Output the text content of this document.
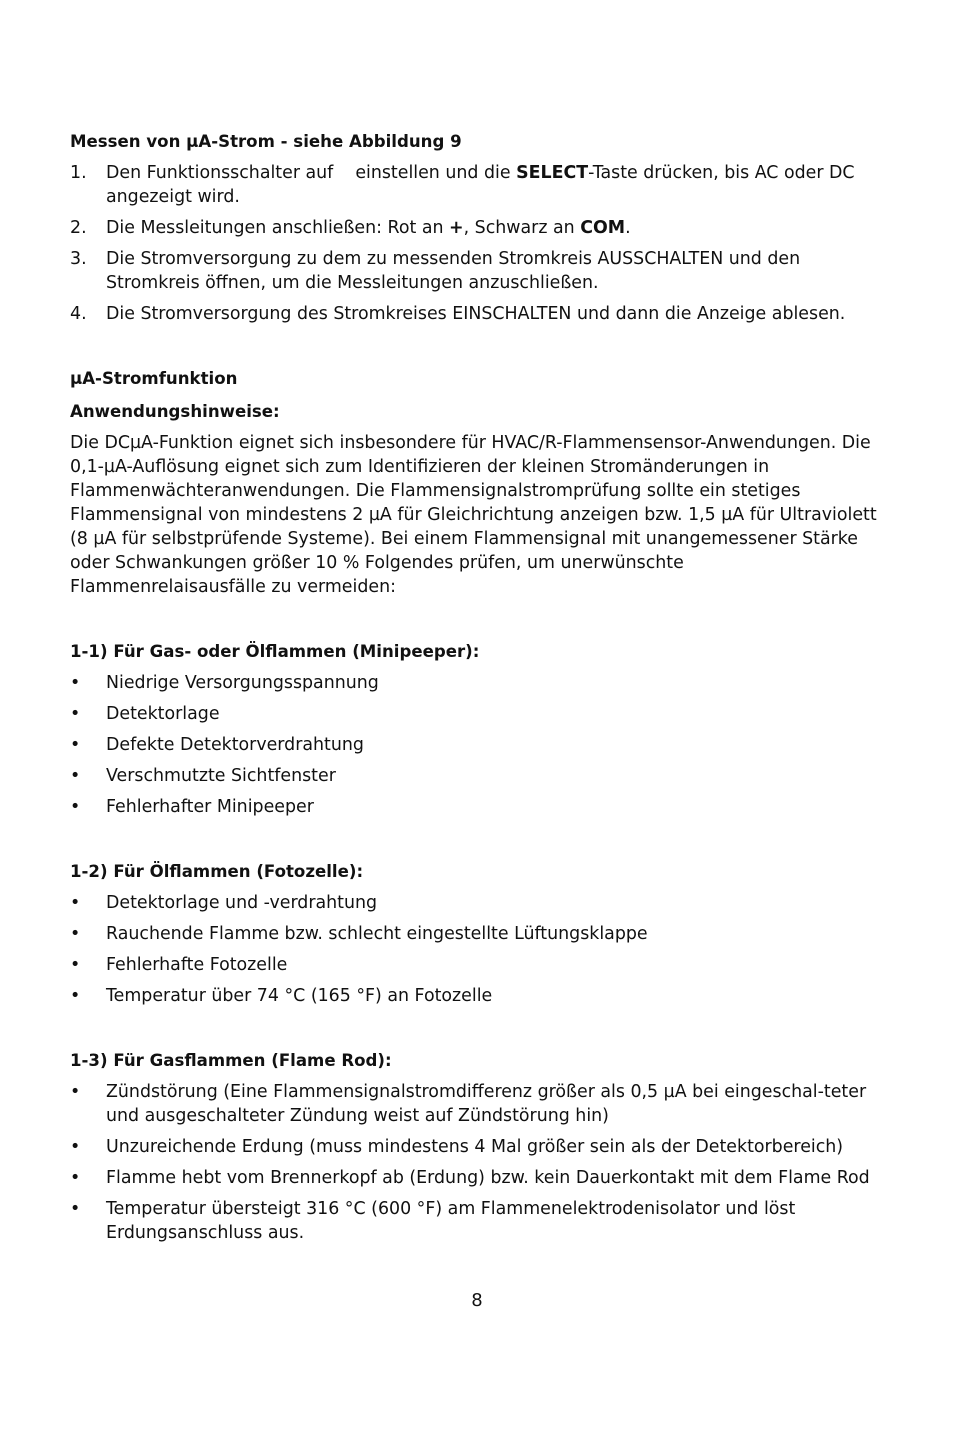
Messen von µA-Strom - siehe Abbildung 9

1. Den Funktionsschalter auf einstellen und die SELECT-Taste drücken, bis AC oder DC angezeigt wird.
2. Die Messleitungen anschließen: Rot an +, Schwarz an COM.
3. Die Stromversorgung zu dem zu messenden Stromkreis AUSSCHALTEN und den Stromkreis öffnen, um die Messleitungen anzuschließen.
4. Die Stromversorgung des Stromkreises EINSCHALTEN und dann die Anzeige ablesen.

µA-Stromfunktion

Anwendungshinweise:

Die DCµA-Funktion eignet sich insbesondere für HVAC/R-Flammensensor-Anwendungen. Die 0,1-µA-Auflösung eignet sich zum Identifizieren der kleinen Stromänderungen in Flammenwächteranwendungen. Die Flammensignalstromprüfung sollte ein stetiges Flammensignal von mindestens 2 µA für Gleichrichtung anzeigen bzw. 1,5 µA für Ultraviolett (8 µA für selbstprüfende Systeme). Bei einem Flammensignal mit unangemessener Stärke oder Schwankungen größer 10 % Folgendes prüfen, um unerwünschte Flammenrelaisausfälle zu vermeiden:

1-1) Für Gas- oder Ölflammen (Minipeeper):

• Niedrige Versorgungsspannung
• Detektorlage
• Defekte Detektorverdrahtung
• Verschmutzte Sichtfenster
• Fehlerhafter Minipeeper

1-2) Für Ölflammen (Fotozelle):

• Detektorlage und -verdrahtung
• Rauchende Flamme bzw. schlecht eingestellte Lüftungsklappe
• Fehlerhafte Fotozelle
• Temperatur über 74 °C (165 °F) an Fotozelle

1-3) Für Gasflammen (Flame Rod):

• Zündstörung (Eine Flammensignalstromdifferenz größer als 0,5 µA bei eingeschal-teter und ausgeschalteter Zündung weist auf Zündstörung hin)
• Unzureichende Erdung (muss mindestens 4 Mal größer sein als der Detektorbereich)
• Flamme hebt vom Brennerkopf ab (Erdung) bzw. kein Dauerkontakt mit dem Flame Rod
• Temperatur übersteigt 316 °C (600 °F) am Flammenelektrodenisolator und löst Erdungsanschluss aus.
8
